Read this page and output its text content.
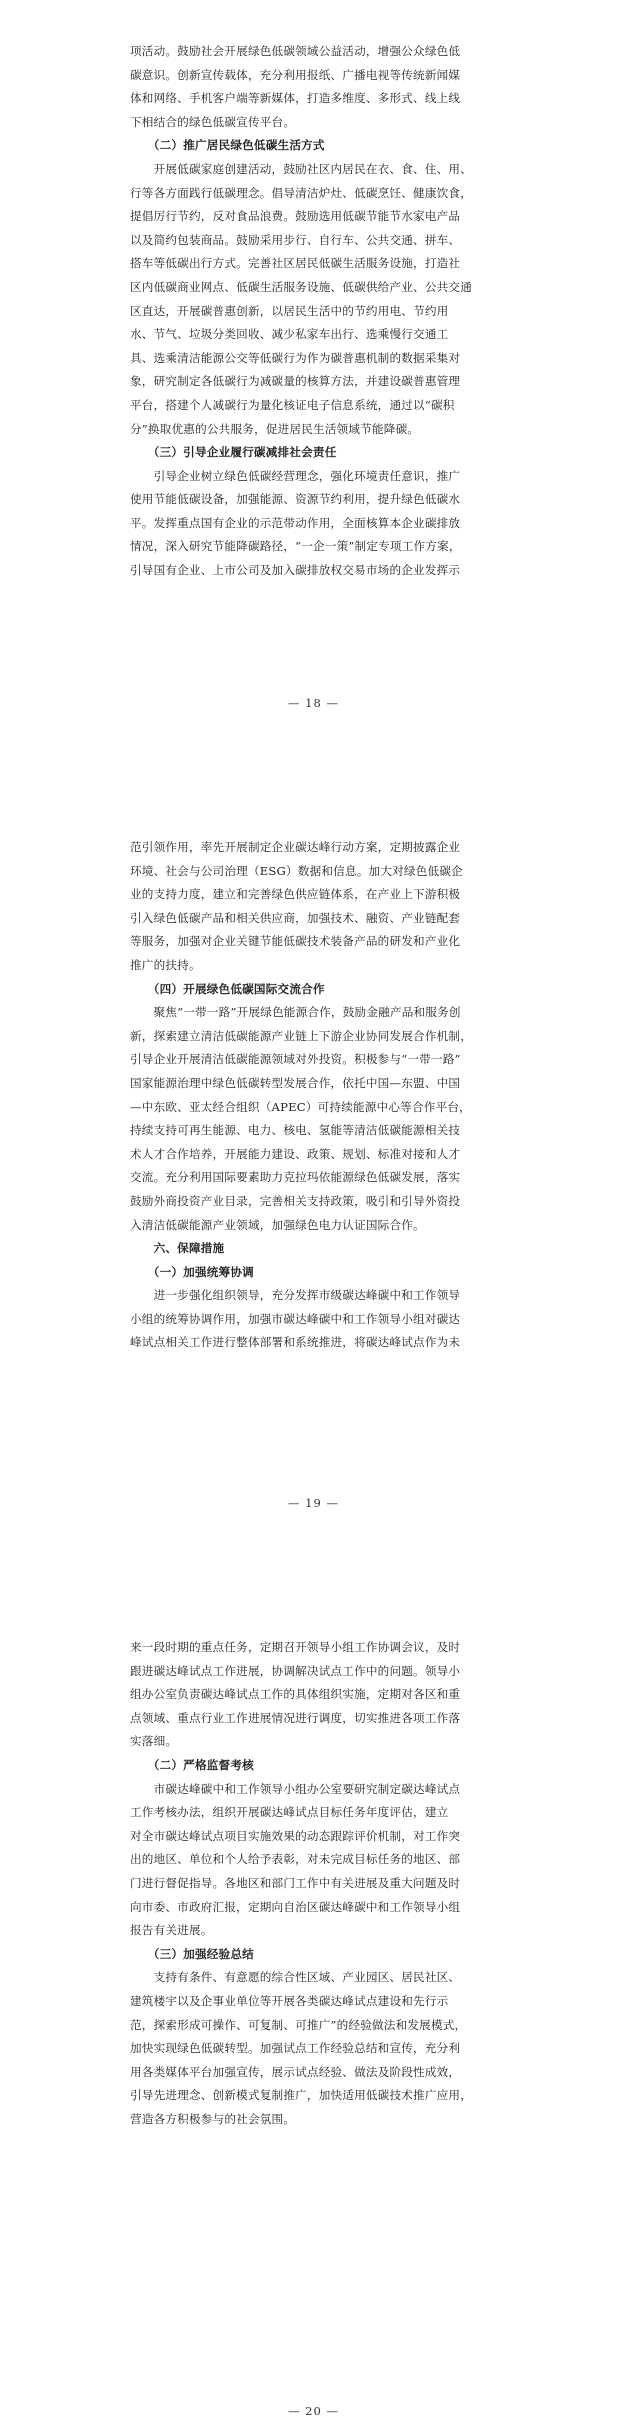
项活动。鼓励社会开展绿色低碳领域公益活动，增强公众绿色低
碳意识。创新宣传载体，充分利用报纸、广播电视等传统新闻媒
体和网络、手机客户端等新媒体，打造多维度、多形式、线上线
下相结合的绿色低碳宣传平台。
　　（二）推广居民绿色低碳生活方式
　　开展低碳家庭创建活动，鼓励社区内居民在衣、食、住、用、
行等各方面践行低碳理念。倡导清洁炉灶、低碳烹饪、健康饮食，
提倡厉行节约，反对食品浪费。鼓励选用低碳节能节水家电产品
以及简约包装商品。鼓励采用步行、自行车、公共交通、拼车、
搭车等低碳出行方式。完善社区居民低碳生活服务设施，打造社
区内低碳商业网点、低碳生活服务设施、低碳供给产业、公共交通
区直达，开展碳普惠创新，以居民生活中的节约用电、节约用
水、节气、垃圾分类回收、减少私家车出行、选乘慢行交通工
具、选乘清洁能源公交等低碳行为作为碳普惠机制的数据采集对
象，研究制定各低碳行为减碳量的核算方法，并建设碳普惠管理
平台，搭建个人减碳行为量化核证电子信息系统，通过以“碳积
分”换取优惠的公共服务，促进居民生活领域节能降碳。
　　（三）引导企业履行碳减排社会责任
　　引导企业树立绿色低碳经营理念，强化环境责任意识，推广
使用节能低碳设备，加强能源、资源节约利用，提升绿色低碳水
平。发挥重点国有企业的示范带动作用，全面核算本企业碳排放
情况，深入研究节能降碳路径，“一企一策”制定专项工作方案，
引导国有企业、上市公司及加入碳排放权交易市场的企业发挥示
— 18 —
范引领作用，率先开展制定企业碳达峰行动方案，定期披露企业
环境、社会与公司治理（ESG）数据和信息。加大对绿色低碳企
业的支持力度，建立和完善绿色供应链体系，在产业上下游积极
引入绿色低碳产品和相关供应商，加强技术、融资、产业链配套
等服务，加强对企业关键节能低碳技术装备产品的研发和产业化
推广的扶持。
　　（四）开展绿色低碳国际交流合作
　　聚焦“一带一路”开展绿色能源合作，鼓励金融产品和服务创
新，探索建立清洁低碳能源产业链上下游企业协同发展合作机制，
引导企业开展清洁低碳能源领域对外投资。积极参与“一带一路”
国家能源治理中绿色低碳转型发展合作，依托中国—东盟、中国
—中东欧、亚太经合组织（APEC）可持续能源中心等合作平台，
持续支持可再生能源、电力、核电、氢能等清洁低碳能源相关技
术人才合作培养，开展能力建设、政策、规划、标准对接和人才
交流。充分利用国际要素助力克拉玛依能源绿色低碳发展，落实
鼓励外商投资产业目录，完善相关支持政策，吸引和引导外资投
入清洁低碳能源产业领域，加强绿色电力认证国际合作。
　　六、保障措施
　　（一）加强统筹协调
　　进一步强化组织领导，充分发挥市级碳达峰碳中和工作领导
小组的统筹协调作用，加强市碳达峰碳中和工作领导小组对碳达
峰试点相关工作进行整体部署和系统推进，将碳达峰试点作为未
— 19 —
来一段时期的重点任务，定期召开领导小组工作协调会议，及时
跟进碳达峰试点工作进展，协调解决试点工作中的问题。领导小
组办公室负责碳达峰试点工作的具体组织实施，定期对各区和重
点领域、重点行业工作进展情况进行调度，切实推进各项工作落
实落细。
　　（二）严格监督考核
　　市碳达峰碳中和工作领导小组办公室要研究制定碳达峰试点
工作考核办法，组织开展碳达峰试点目标任务年度评估，建立
对全市碳达峰试点项目实施效果的动态跟踪评价机制，对工作突
出的地区、单位和个人给予表彰，对未完成目标任务的地区、部
门进行督促指导。各地区和部门工作中有关进展及重大问题及时
向市委、市政府汇报，定期向自治区碳达峰碳中和工作领导小组
报告有关进展。
　　（三）加强经验总结
　　支持有条件、有意愿的综合性区域、产业园区、居民社区、
建筑楼宇以及企事业单位等开展各类碳达峰试点建设和先行示
范，探索形成可操作、可复制、可推广”的经验做法和发展模式，
加快实现绿色低碳转型。加强试点工作经验总结和宣传，充分利
用各类媒体平台加强宣传，展示试点经验、做法及阶段性成效，
引导先进理念、创新模式复制推广，加快适用低碳技术推广应用，
营造各方积极参与的社会氛围。
— 20 —
